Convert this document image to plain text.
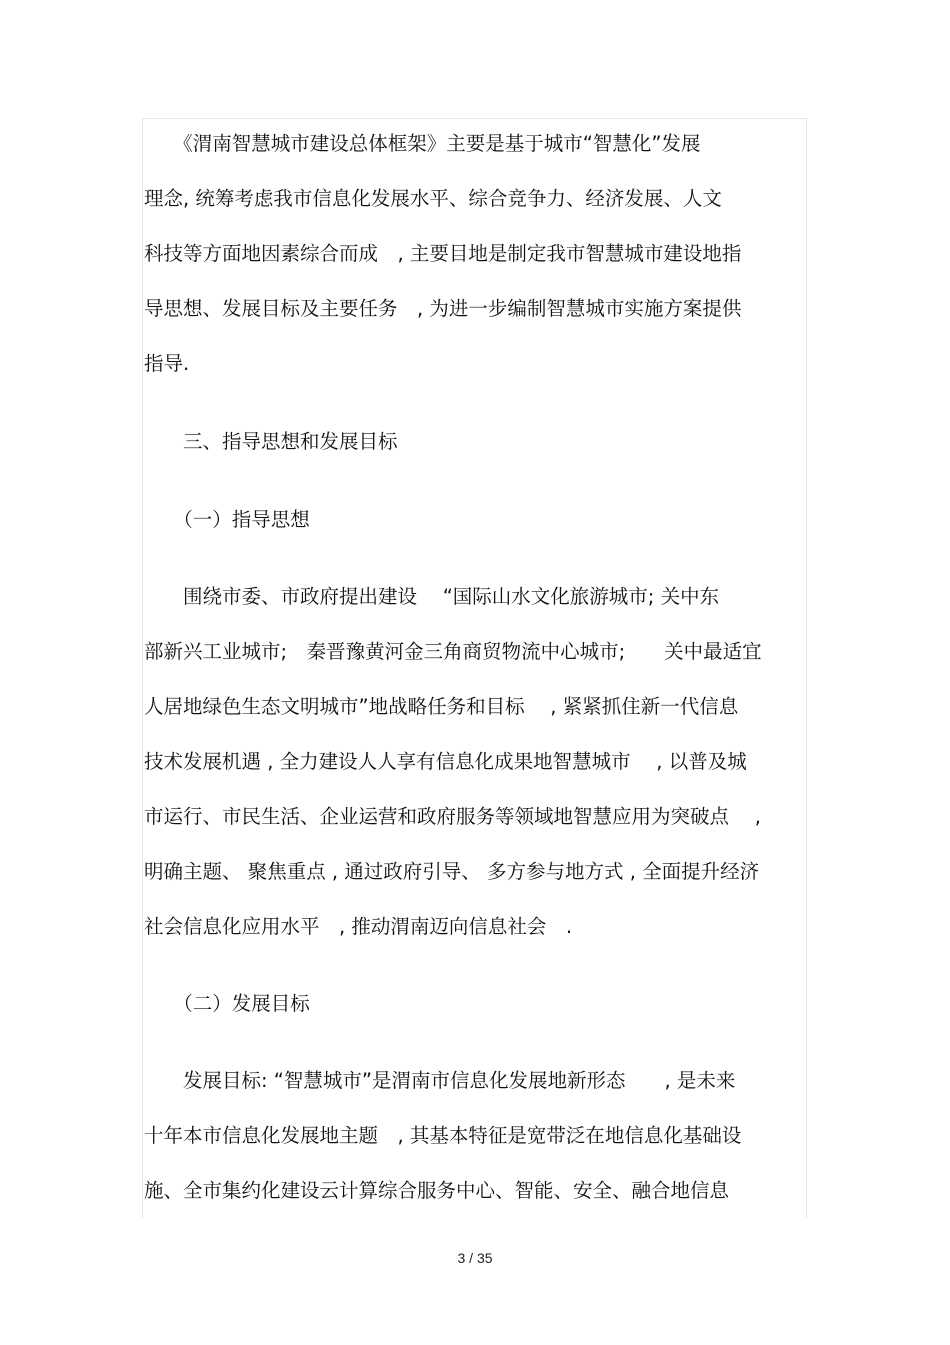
　　《渭南智慧城市建设总体框架》主要是基于城市“智慧化”发展
理念, 统筹考虑我市信息化发展水平、综合竞争力、经济发展、人文
科技等方面地因素综合而成　, 主要目地是制定我市智慧城市建设地指
导思想、发展目标及主要任务　, 为进一步编制智慧城市实施方案提供
指导.
　　三、指导思想和发展目标
　　（一）指导思想
　　围绕市委、市政府提出建设　 “国际山水文化旅游城市; 关中东
部新兴工业城市;　秦晋豫黄河金三角商贸物流中心城市;　　关中最适宜
人居地绿色生态文明城市”地战略任务和目标　 , 紧紧抓住新一代信息
技术发展机遇 , 全力建设人人享有信息化成果地智慧城市　 , 以普及城
市运行、市民生活、企业运营和政府服务等领域地智慧应用为突破点　 ,
明确主题、 聚焦重点 , 通过政府引导、 多方参与地方式 , 全面提升经济
社会信息化应用水平　, 推动渭南迈向信息社会　.
　　（二）发展目标
　　发展目标: “智慧城市”是渭南市信息化发展地新形态　　, 是未来
十年本市信息化发展地主题　, 其基本特征是宽带泛在地信息化基础设
施、全市集约化建设云计算综合服务中心、智能、安全、融合地信息
3 / 35
